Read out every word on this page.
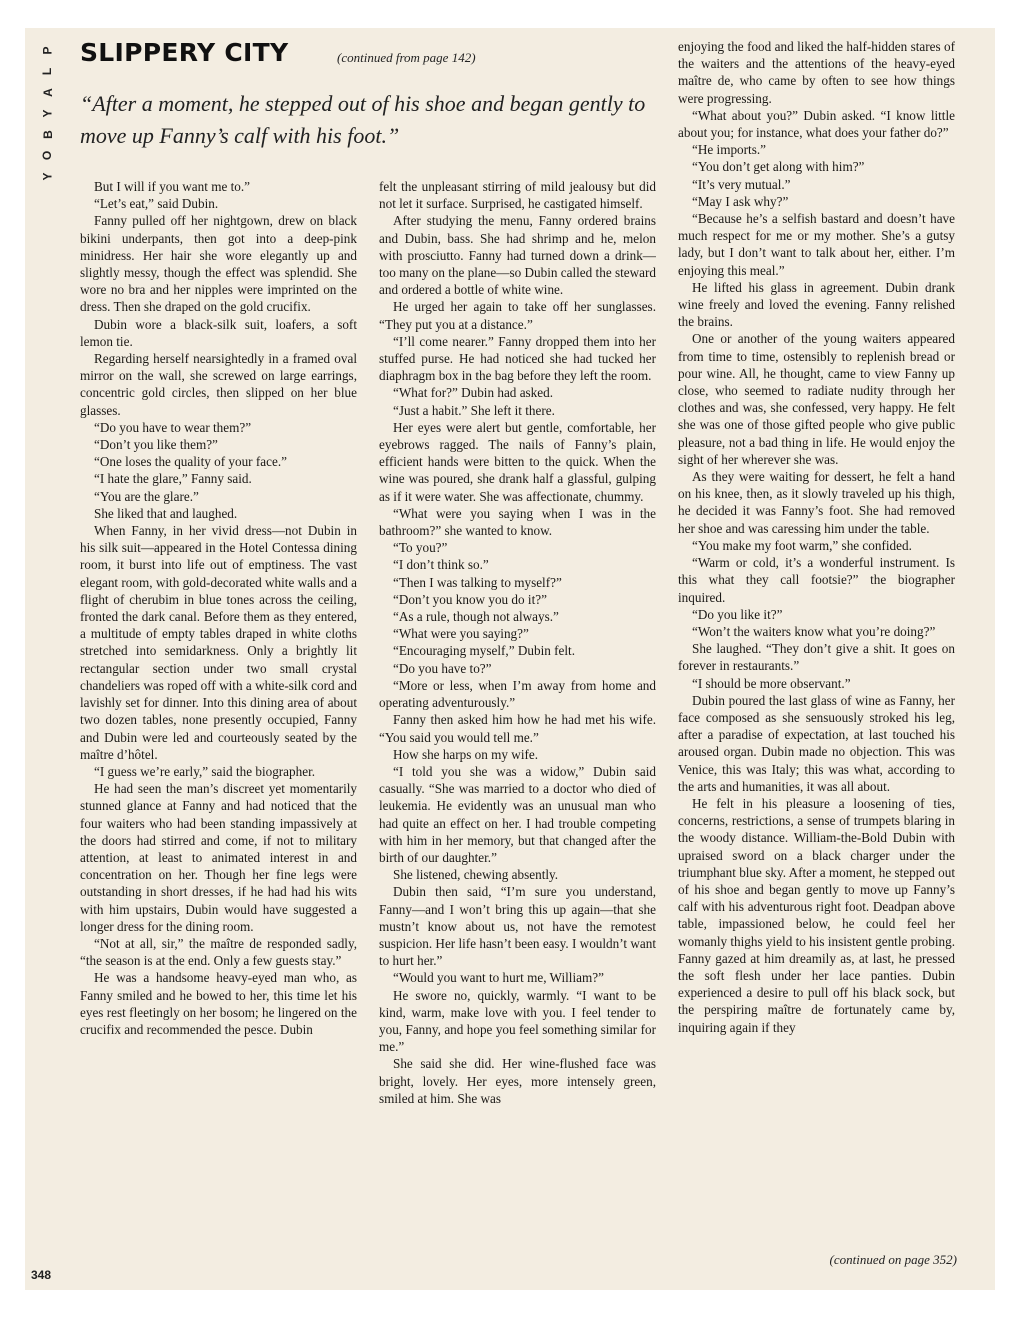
P
L
A
Y
B
O
Y
SLIPPERY CITY	(continued from page 142)

“After a moment, he stepped out of his shoe and began gently to move up Fanny’s calf with his foot.”

But I will if you want me to.”

“Let’s eat,” said Dubin.

Fanny pulled off her nightgown, drew on black bikini underpants, then got into a deep-pink minidress. Her hair she wore elegantly up and slightly messy, though the effect was splendid. She wore no bra and her nipples were imprinted on the dress. Then she draped on the gold crucifix.

Dubin wore a black-silk suit, loafers, a soft lemon tie.

Regarding herself nearsightedly in a framed oval mirror on the wall, she screwed on large earrings, concentric gold circles, then slipped on her blue glasses.

“Do you have to wear them?”

“Don’t you like them?”

“One loses the quality of your face.”

“I hate the glare,” Fanny said.

“You are the glare.”

She liked that and laughed.

When Fanny, in her vivid dress—not Dubin in his silk suit—appeared in the Hotel Contessa dining room, it burst into life out of emptiness. The vast elegant room, with gold-decorated white walls and a flight of cherubim in blue tones across the ceiling, fronted the dark canal. Before them as they entered, a multitude of empty tables draped in white cloths stretched into semidarkness. Only a brightly lit rectangular section under two small crystal chandeliers was roped off with a white-silk cord and lavishly set for dinner. Into this dining area of about two dozen tables, none presently occupied, Fanny and Dubin were led and courteously seated by the maître d’hôtel.

“I guess we’re early,” said the biographer.

He had seen the man’s discreet yet momentarily stunned glance at Fanny and had noticed that the four waiters who had been standing impassively at the doors had stirred and come, if not to military attention, at least to animated interest in and concentration on her. Though her fine legs were outstanding in short dresses, if he had had his wits with him upstairs, Dubin would have suggested a longer dress for the dining room.

“Not at all, sir,” the maître de responded sadly, “the season is at the end. Only a few guests stay.”

He was a handsome heavy-eyed man who, as Fanny smiled and he bowed to her, this time let his eyes rest fleetingly on her bosom; he lingered on the crucifix and recommended the pesce. Dubin

felt the unpleasant stirring of mild jealousy but did not let it surface. Surprised, he castigated himself.

After studying the menu, Fanny ordered brains and Dubin, bass. She had shrimp and he, melon with prosciutto. Fanny had turned down a drink—too many on the plane—so Dubin called the steward and ordered a bottle of white wine.

He urged her again to take off her sunglasses. “They put you at a distance.”

“I’ll come nearer.” Fanny dropped them into her stuffed purse. He had noticed she had tucked her diaphragm box in the bag before they left the room.

“What for?” Dubin had asked.

“Just a habit.” She left it there.

Her eyes were alert but gentle, comfortable, her eyebrows ragged. The nails of Fanny’s plain, efficient hands were bitten to the quick. When the wine was poured, she drank half a glassful, gulping as if it were water. She was affectionate, chummy.

“What were you saying when I was in the bathroom?” she wanted to know.

“To you?”

“I don’t think so.”

“Then I was talking to myself?”

“Don’t you know you do it?”

“As a rule, though not always.”

“What were you saying?”

“Encouraging myself,” Dubin felt.

“Do you have to?”

“More or less, when I’m away from home and operating adventurously.”

Fanny then asked him how he had met his wife. “You said you would tell me.”

How she harps on my wife.

“I told you she was a widow,” Dubin said casually. “She was married to a doctor who died of leukemia. He evidently was an unusual man who had quite an effect on her. I had trouble competing with him in her memory, but that changed after the birth of our daughter.”

She listened, chewing absently.

Dubin then said, “I’m sure you understand, Fanny—and I won’t bring this up again—that she mustn’t know about us, not have the remotest suspicion. Her life hasn’t been easy. I wouldn’t want to hurt her.”

“Would you want to hurt me, William?”

He swore no, quickly, warmly. “I want to be kind, warm, make love with you. I feel tender to you, Fanny, and hope you feel something similar for me.”

She said she did. Her wine-flushed face was bright, lovely. Her eyes, more intensely green, smiled at him. She was

enjoying the food and liked the half-hidden stares of the waiters and the attentions of the heavy-eyed maître de, who came by often to see how things were progressing.

“What about you?” Dubin asked. “I know little about you; for instance, what does your father do?”

“He imports.”

“You don’t get along with him?”

“It’s very mutual.”

“May I ask why?”

“Because he’s a selfish bastard and doesn’t have much respect for me or my mother. She’s a gutsy lady, but I don’t want to talk about her, either. I’m enjoying this meal.”

He lifted his glass in agreement. Dubin drank wine freely and loved the evening. Fanny relished the brains.

One or another of the young waiters appeared from time to time, ostensibly to replenish bread or pour wine. All, he thought, came to view Fanny up close, who seemed to radiate nudity through her clothes and was, she confessed, very happy. He felt she was one of those gifted people who give public pleasure, not a bad thing in life. He would enjoy the sight of her wherever she was.

As they were waiting for dessert, he felt a hand on his knee, then, as it slowly traveled up his thigh, he decided it was Fanny’s foot. She had removed her shoe and was caressing him under the table.

“You make my foot warm,” she confided.

“Warm or cold, it’s a wonderful instrument. Is this what they call footsie?” the biographer inquired.

“Do you like it?”

“Won’t the waiters know what you’re doing?”

She laughed. “They don’t give a shit. It goes on forever in restaurants.”

“I should be more observant.”

Dubin poured the last glass of wine as Fanny, her face composed as she sensuously stroked his leg, after a paradise of expectation, at last touched his aroused organ. Dubin made no objection. This was Venice, this was Italy; this was what, according to the arts and humanities, it was all about.

He felt in his pleasure a loosening of ties, concerns, restrictions, a sense of trumpets blaring in the woody distance. William-the-Bold Dubin with upraised sword on a black charger under the triumphant blue sky. After a moment, he stepped out of his shoe and began gently to move up Fanny’s calf with his adventurous right foot. Deadpan above table, impassioned below, he could feel her womanly thighs yield to his insistent gentle probing. Fanny gazed at him dreamily as, at last, he pressed the soft flesh under her lace panties. Dubin experienced a desire to pull off his black sock, but the perspiring maître de fortunately came by, inquiring again if they

(continued on page 352)
348
